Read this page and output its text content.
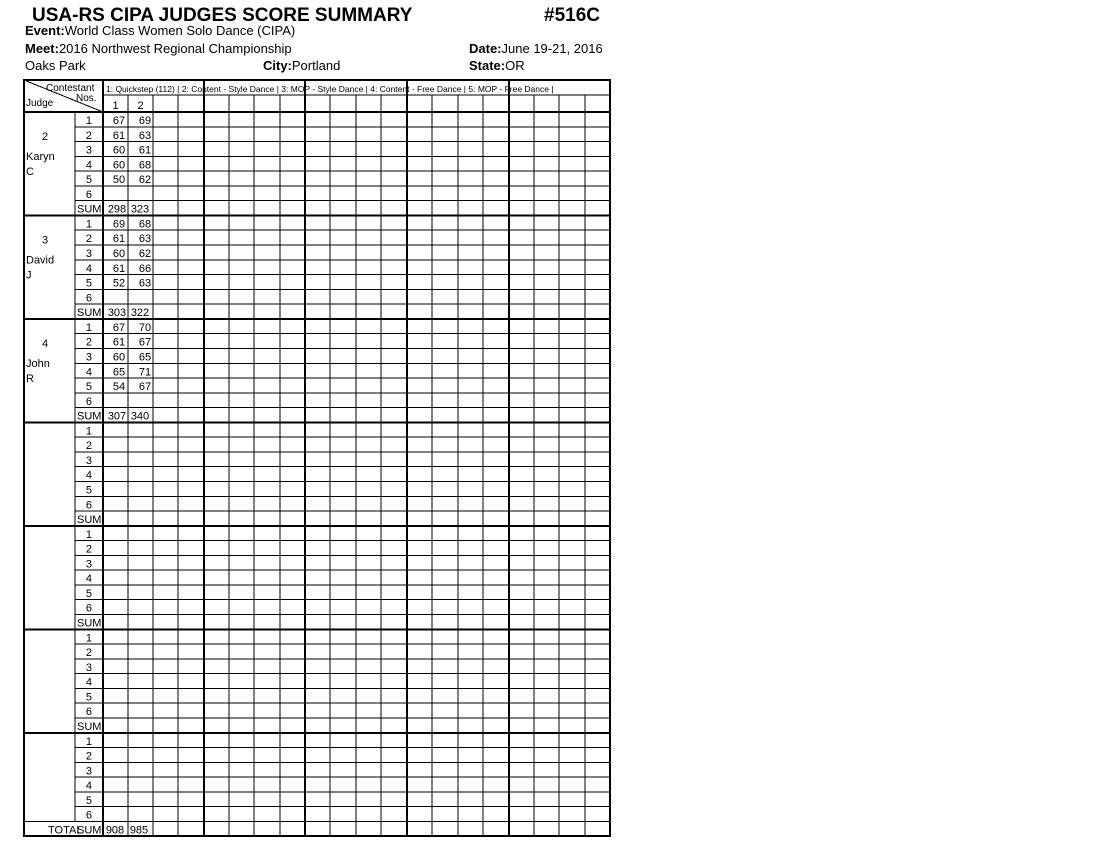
USA-RS CIPA JUDGES SCORE SUMMARY	#516C
Event:World Class Women Solo Dance (CIPA)
Meet:2016 Northwest Regional Championship	Date:June 19-21, 2016
Oaks Park	City:Portland	State:OR
Contestant
Nos.
Judge
1: Quickstep (112) | 2: Content - Style Dance | 3: MOP - Style Dance | 4: Content - Free Dance | 5: MOP - Free Dance |
1 2
2
Karyn
C
1 67 69
2 61 63
3 60 61
4 60 68
5 50 62
6
SUM 298 323
3
David
J
1 69 68
2 61 63
3 60 62
4 61 66
5 52 63
6
SUM 303 322
4
John
R
1 67 70
2 61 67
3 60 65
4 65 71
5 54 67
6
SUM 307 340
1
2
3
4
5
6
SUM
1
2
3
4
5
6
SUM
1
2
3
4
5
6
SUM
1
2
3
4
5
6
SUM
TOTAL 908 985
